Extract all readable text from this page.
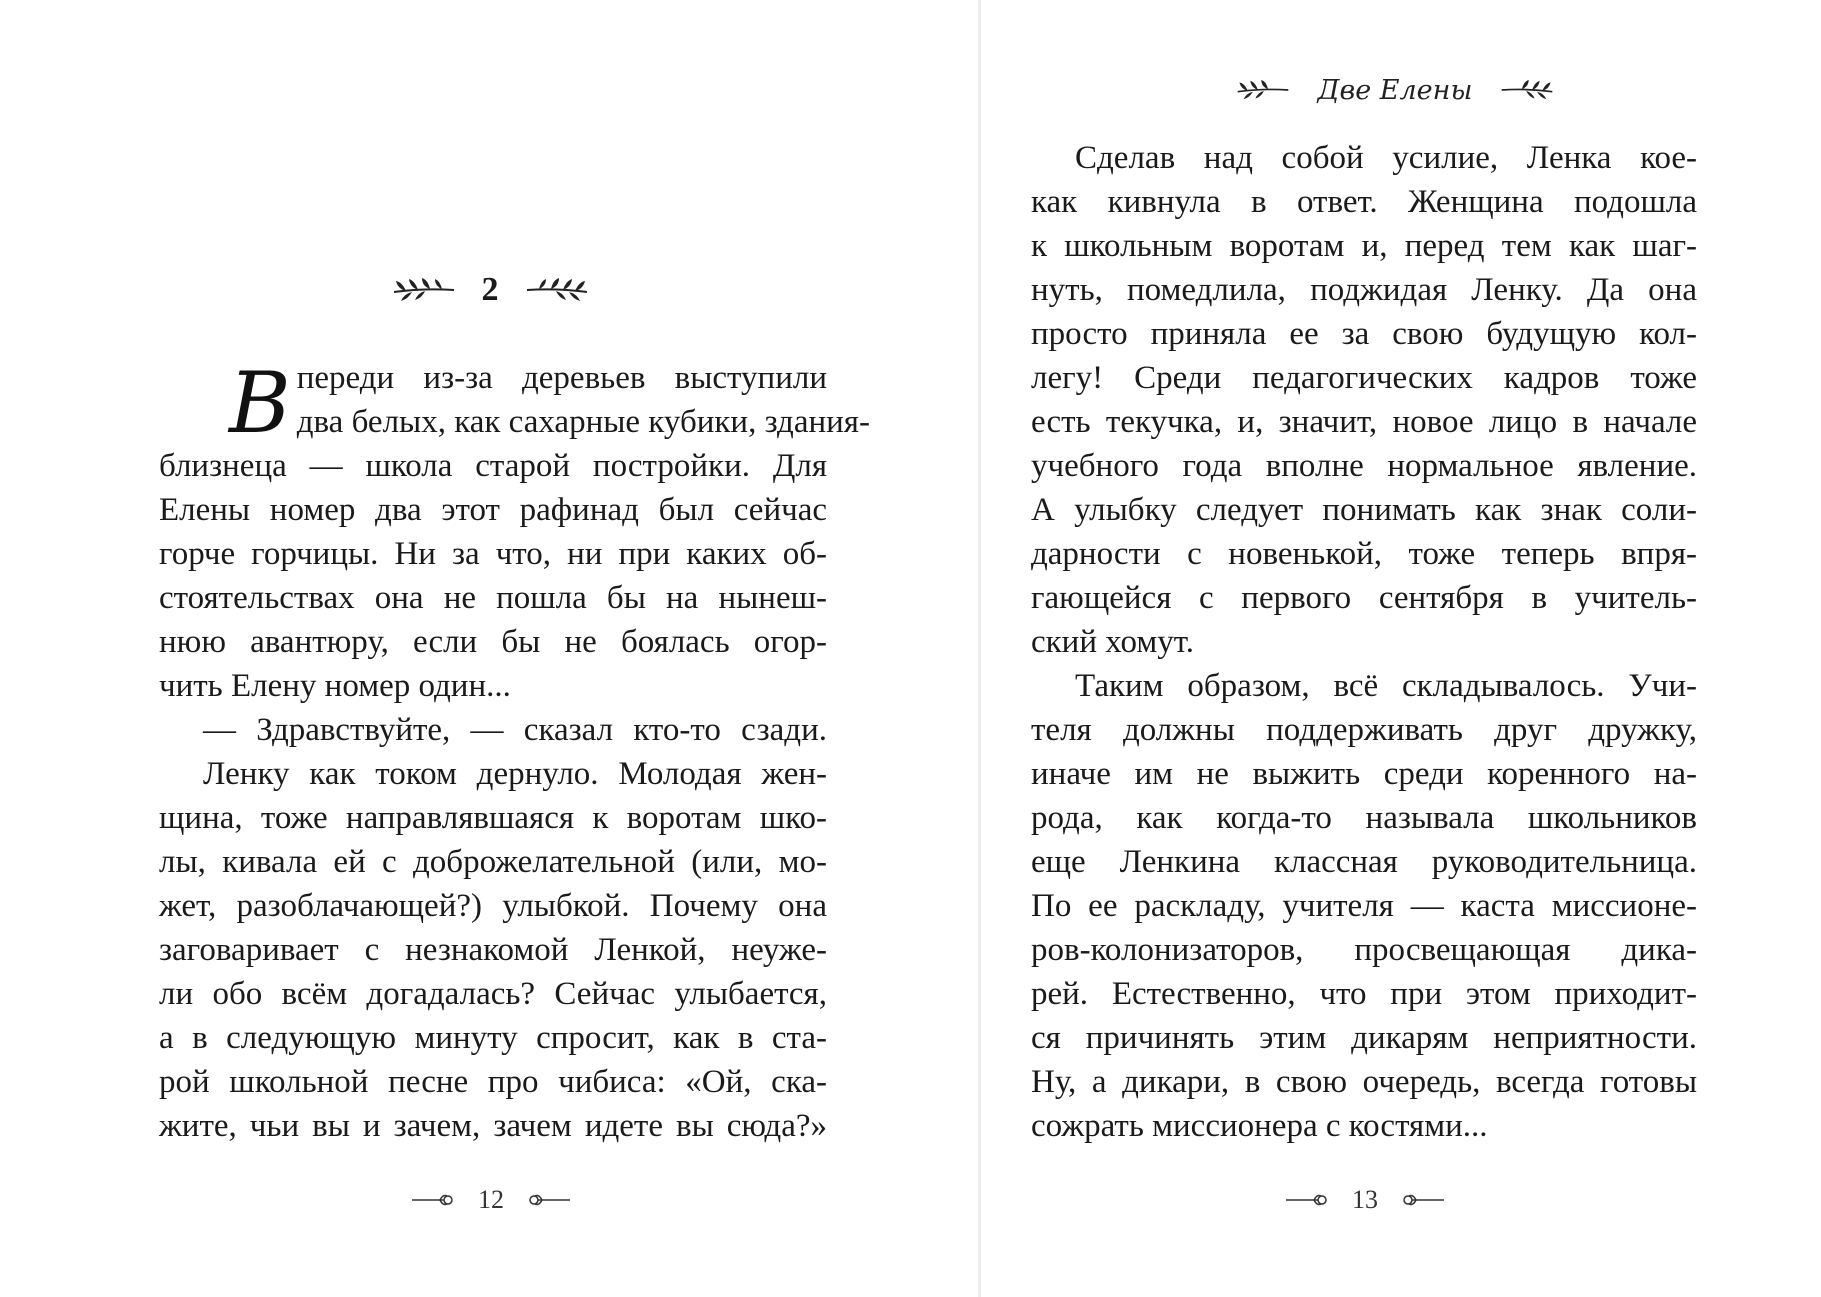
2
В переди из-за деревьев выступили
два белых, как сахарные кубики, здания-
близнеца — школа старой постройки. Для
Елены номер два этот рафинад был сейчас
горче горчицы. Ни за что, ни при каких об-
стоятельствах она не пошла бы на нынеш-
нюю авантюру, если бы не боялась огор-
чить Елену номер один...
— Здравствуйте, — сказал кто-то сзади.
Ленку как током дернуло. Молодая жен-
щина, тоже направлявшаяся к воротам шко-
лы, кивала ей с доброжелательной (или, мо-
жет, разоблачающей?) улыбкой. Почему она
заговаривает с незнакомой Ленкой, неуже-
ли обо всём догадалась? Сейчас улыбается,
а в следующую минуту спросит, как в ста-
рой школьной песне про чибиса: «Ой, ска-
жите, чьи вы и зачем, зачем идете вы сюда?»
12
Две Елены
Сделав над собой усилие, Ленка кое-
как кивнула в ответ. Женщина подошла
к школьным воротам и, перед тем как шаг-
нуть, помедлила, поджидая Ленку. Да она
просто приняла ее за свою будущую кол-
легу! Среди педагогических кадров тоже
есть текучка, и, значит, новое лицо в начале
учебного года вполне нормальное явление.
А улыбку следует понимать как знак соли-
дарности с новенькой, тоже теперь впря-
гающейся с первого сентября в учитель-
ский хомут.
Таким образом, всё складывалось. Учи-
теля должны поддерживать друг дружку,
иначе им не выжить среди коренного на-
рода, как когда-то называла школьников
еще Ленкина классная руководительница.
По ее раскладу, учителя — каста миссионе-
ров-колонизаторов, просвещающая дика-
рей. Естественно, что при этом приходит-
ся причинять этим дикарям неприятности.
Ну, а дикари, в свою очередь, всегда готовы
сожрать миссионера с костями...
13
